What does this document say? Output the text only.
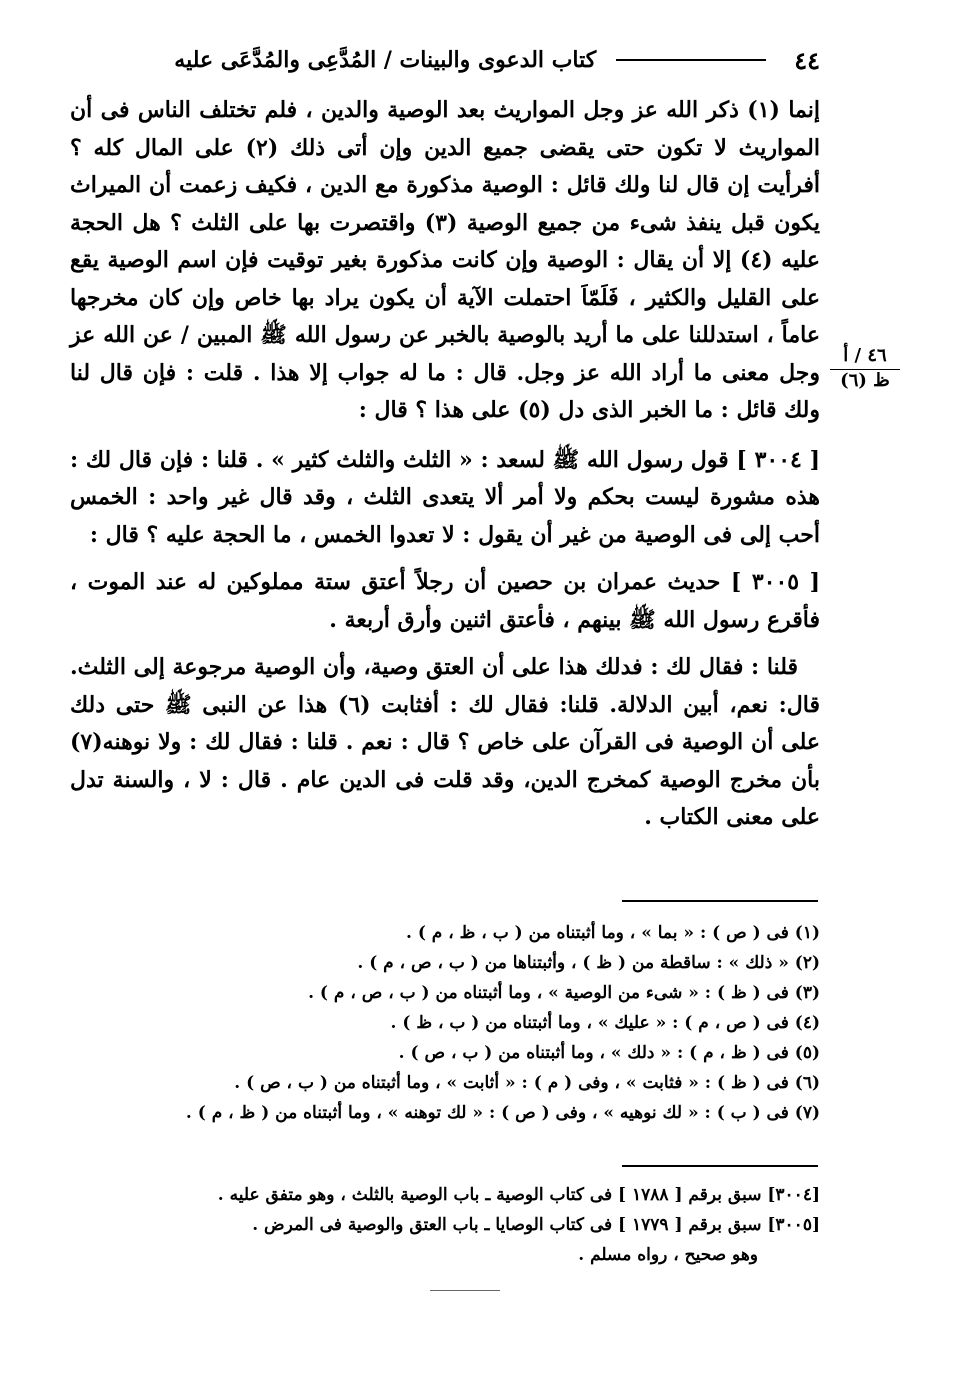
٤٤
كتاب الدعوى والبينات / المُدَّعِى والمُدَّعَى عليه
٤٦ / أ
ظ (٦)

إنما (١) ذكر الله عز وجل المواريث بعد الوصية والدين ، فلم تختلف الناس فى أن المواريث لا تكون حتى يقضى جميع الدين وإن أتى ذلك (٢) على المال كله ؟ أفرأيت إن قال لنا ولك قائل : الوصية مذكورة مع الدين ، فكيف زعمت أن الميراث يكون قبل ينفذ شىء من جميع الوصية (٣) واقتصرت بها على الثلث ؟ هل الحجة عليه (٤) إلا أن يقال : الوصية وإن كانت مذكورة بغير توقيت فإن اسم الوصية يقع على القليل والكثير ، فَلَمّاَ احتملت الآية أن يكون يراد بها خاص وإن كان مخرجها عاماً ، استدللنا على ما أريد بالوصية بالخبر عن رسول الله ﷺ المبين / عن الله عز وجل معنى ما أراد الله عز وجل. قال : ما له جواب إلا هذا . قلت : فإن قال لنا ولك قائل : ما الخبر الذى دل (٥) على هذا ؟ قال :

[ ٣٠٠٤ ] قول رسول الله ﷺ لسعد : « الثلث والثلث كثير » . قلنا : فإن قال لك : هذه مشورة ليست بحكم ولا أمر ألا يتعدى الثلث ، وقد قال غير واحد : الخمس أحب إلى فى الوصية من غير أن يقول : لا تعدوا الخمس ، ما الحجة عليه ؟ قال :

[ ٣٠٠٥ ] حديث عمران بن حصين أن رجلاً أعتق ستة مملوكين له عند الموت ، فأقرع رسول الله ﷺ بينهم ، فأعتق اثنين وأرق أربعة .

قلنا : فقال لك : فدلك هذا على أن العتق وصية، وأن الوصية مرجوعة إلى الثلث. قال: نعم، أبين الدلالة. قلنا: فقال لك : أفثابت (٦) هذا عن النبى ﷺ حتى دلك على أن الوصية فى القرآن على خاص ؟ قال : نعم . قلنا : فقال لك : ولا نوهنه(٧) بأن مخرج الوصية كمخرج الدين، وقد قلت فى الدين عام . قال : لا ، والسنة تدل على معنى الكتاب .

(١) فى ( ص ) : « بما » ، وما أثبتناه من ( ب ، ظ ، م ) .
(٢) « ذلك » : ساقطة من ( ظ ) ، وأثبتناها من ( ب ، ص ، م ) .
(٣) فى ( ظ ) : « شىء من الوصية » ، وما أثبتناه من ( ب ، ص ، م ) .
(٤) فى ( ص ، م ) : « عليك » ، وما أثبتناه من ( ب ، ظ ) .
(٥) فى ( ظ ، م ) : « دلك » ، وما أثبتناه من ( ب ، ص ) .
(٦) فى ( ظ ) : « فثابت » ، وفى ( م ) : « أثابت » ، وما أثبتناه من ( ب ، ص ) .
(٧) فى ( ب ) : « لك نوهيه » ، وفى ( ص ) : « لك توهنه » ، وما أثبتناه من ( ظ ، م ) .
[٣٠٠٤] سبق برقم [ ١٧٨٨ ] فى كتاب الوصية ـ باب الوصية بالثلث ، وهو متفق عليه .
[٣٠٠٥] سبق برقم [ ١٧٧٩ ] فى كتاب الوصايا ـ باب العتق والوصية فى المرض .
وهو صحيح ، رواه مسلم .
